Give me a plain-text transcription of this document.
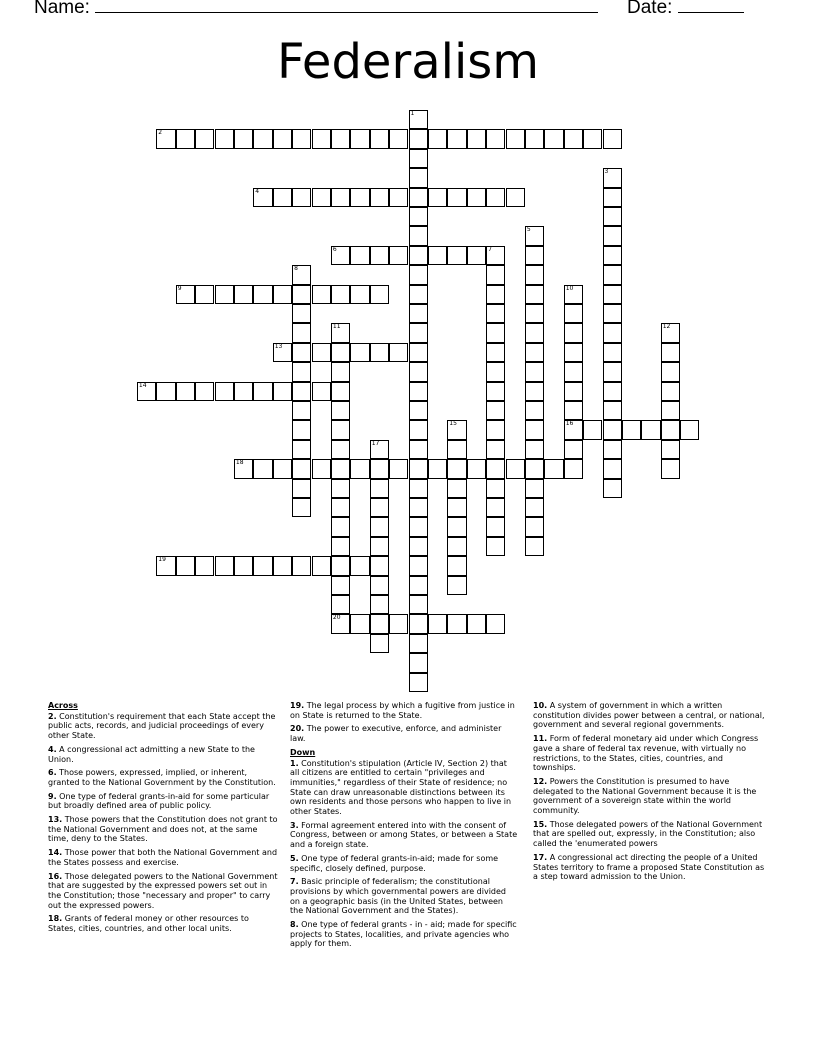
Name:	Date:
Federalism
1
2
3
4
5
6	7
8
9	10
16
11	12
13
14
15
17
18
19
20
Across
2. Constitution's requirement that each State accept the public acts, records, and judicial proceedings of every other State.
4. A congressional act admitting a new State to the Union.
6. Those powers, expressed, implied, or inherent, granted to the National Government by the Constitution.
9. One type of federal grants-in-aid for some particular but broadly defined area of public policy.
13. Those powers that the Constitution does not grant to the National Government and does not, at the same time, deny to the States.
14. Those power that both the National Government and the States possess and exercise.
16. Those delegated powers to the National Government that are suggested by the expressed powers set out in the Constitution; those "necessary and proper" to carry out the expressed powers.
18. Grants of federal money or other resources to States, cities, countries, and other local units.
19. The legal process by which a fugitive from justice in on State is returned to the State.
20. The power to executive, enforce, and administer law.
Down
1. Constitution's stipulation (Article IV, Section 2) that all citizens are entitled to certain "privileges and immunities," regardless of their State of residence; no State can draw unreasonable distinctions between its own residents and those persons who happen to live in other States.
3. Formal agreement entered into with the consent of Congress, between or among States, or between a State and a foreign state.
5. One type of federal grants-in-aid; made for some specific, closely defined, purpose.
7. Basic principle of federalism; the constitutional provisions by which governmental powers are divided on a geographic basis (in the United States, between the National Government and the States).
8. One type of federal grants - in - aid; made for specific projects to States, localities, and private agencies who apply for them.
10. A system of government in which a written constitution divides power between a central, or national, government and several regional governments.
11. Form of federal monetary aid under which Congress gave a share of federal tax revenue, with virtually no restrictions, to the States, cities, countries, and townships.
12. Powers the Constitution is presumed to have delegated to the National Government because it is the government of a sovereign state within the world community.
15. Those delegated powers of the National Government that are spelled out, expressly, in the Constitution; also called the 'enumerated powers
17. A congressional act directing the people of a United States territory to frame a proposed State Constitution as a step toward admission to the Union.
